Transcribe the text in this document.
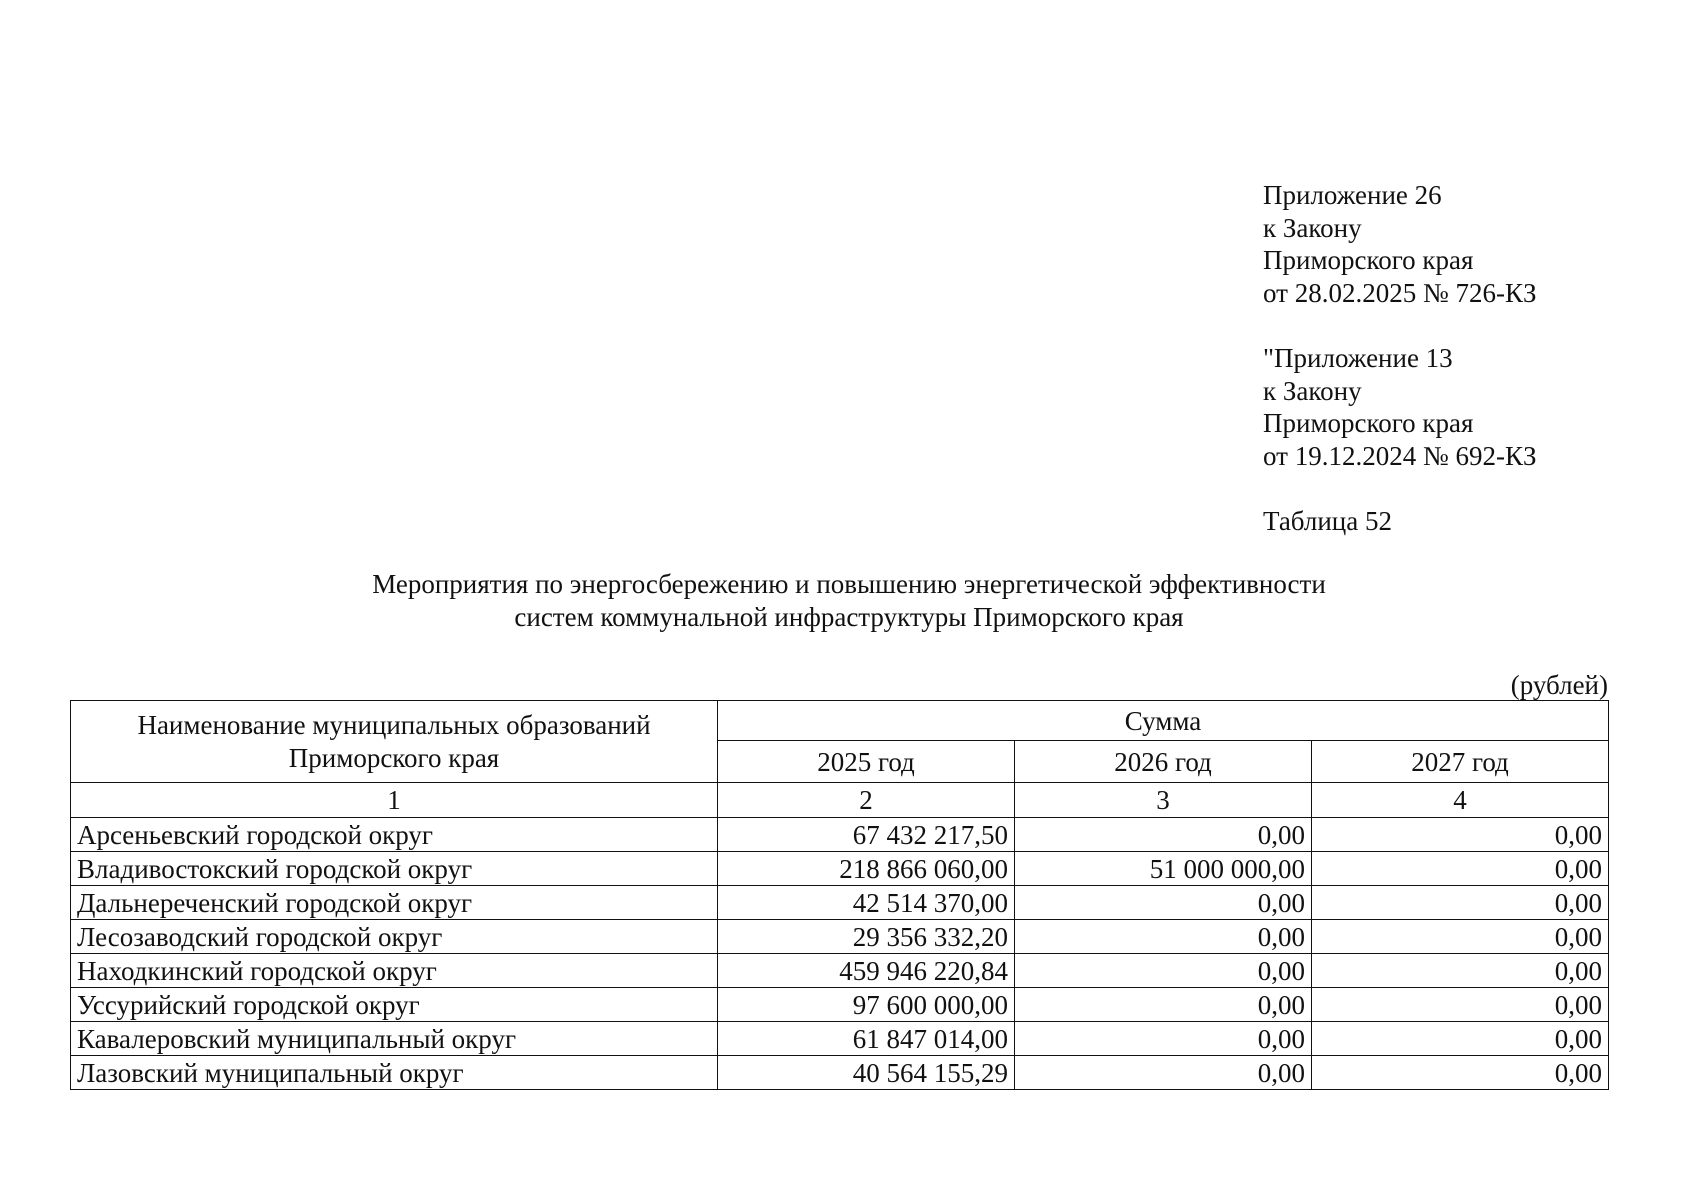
Приложение 26
к Закону
Приморского края
от 28.02.2025 № 726-КЗ
"Приложение 13
к Закону
Приморского края
от 19.12.2024 № 692-КЗ
Таблица 52
Мероприятия по энергосбережению и повышению энергетической эффективности
систем коммунальной инфраструктуры Приморского края
(рублей)
Наименование муниципальных образований
Приморского края	Сумма		
	2025 год	2026 год	2027 год
1	2	3	4
Арсеньевский городской округ	67 432 217,50	0,00	0,00
Владивостокский городской округ	218 866 060,00	51 000 000,00	0,00
Дальнереченский городской округ	42 514 370,00	0,00	0,00
Лесозаводский городской округ	29 356 332,20	0,00	0,00
Находкинский городской округ	459 946 220,84	0,00	0,00
Уссурийский городской округ	97 600 000,00	0,00	0,00
Кавалеровский муниципальный округ	61 847 014,00	0,00	0,00
Лазовский муниципальный округ	40 564 155,29	0,00	0,00
